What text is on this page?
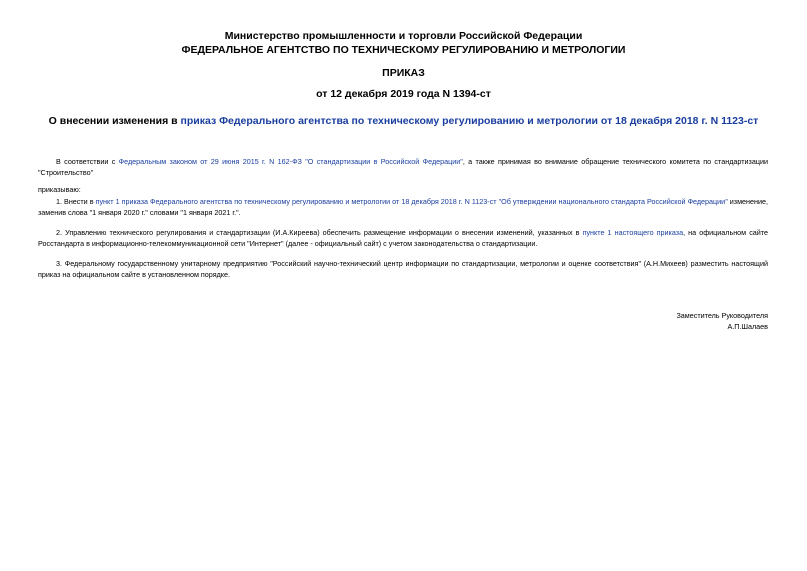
Министерство промышленности и торговли Российской Федерации
ФЕДЕРАЛЬНОЕ АГЕНТСТВО ПО ТЕХНИЧЕСКОМУ РЕГУЛИРОВАНИЮ И МЕТРОЛОГИИ
ПРИКАЗ
от 12 декабря 2019 года N 1394-ст
О внесении изменения в приказ Федерального агентства по техническому регулированию и метрологии от 18 декабря 2018 г. N 1123-ст
В соответствии с Федеральным законом от 29 июня 2015 г. N 162-ФЗ "О стандартизации в Российской Федерации", а также принимая во внимание обращение технического комитета по стандартизации "Строительство"
приказываю:
1. Внести в пункт 1 приказа Федерального агентства по техническому регулированию и метрологии от 18 декабря 2018 г. N 1123-ст "Об утверждении национального стандарта Российской Федерации" изменение, заменив слова "1 января 2020 г." словами "1 января 2021 г.".
2. Управлению технического регулирования и стандартизации (И.А.Киреева) обеспечить размещение информации о внесении изменений, указанных в пункте 1 настоящего приказа, на официальном сайте Росстандарта в информационно-телекоммуникационной сети "Интернет" (далее - официальный сайт) с учетом законодательства о стандартизации.
3. Федеральному государственному унитарному предприятию "Российский научно-технический центр информации по стандартизации, метрологии и оценке соответствия" (А.Н.Михеев) разместить настоящий приказ на официальном сайте в установленном порядке.
Заместитель Руководителя
А.П.Шалаев
